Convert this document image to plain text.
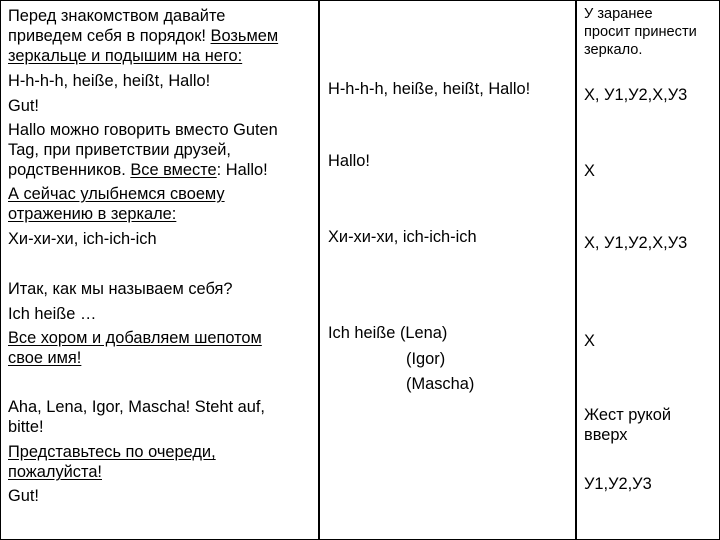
Перед знакомством давайте

приведем себя в порядок! Возьмем

зеркальце и подышим на него:

H-h-h-h, heiße, heißt, Hallo!

Gut!

Hallo можно говорить вместо Guten

Tag, при приветствии друзей,

родственников. Все вместе: Hallo!

А сейчас улыбнемся своему

отражению в зеркале:

Хи-хи-хи, ich-ich-ich

Итак, как мы называем себя?

Ich heiße …

Все хором и добавляем шепотом

свое имя!

Aha, Lena, Igor, Mascha! Steht auf,

bitte!

Представьтесь по очереди,

пожалуйста!

Gut!

H-h-h-h, heiße, heißt, Hallo!

Hallo!

Хи-хи-хи, ich-ich-ich

Ich heiße (Lena)

(Igor)

(Mascha)

У заранее

просит принести

зеркало.

Х, У1,У2,Х,У3

Х

Х, У1,У2,Х,У3

Х

Жест рукой

вверх

У1,У2,У3
